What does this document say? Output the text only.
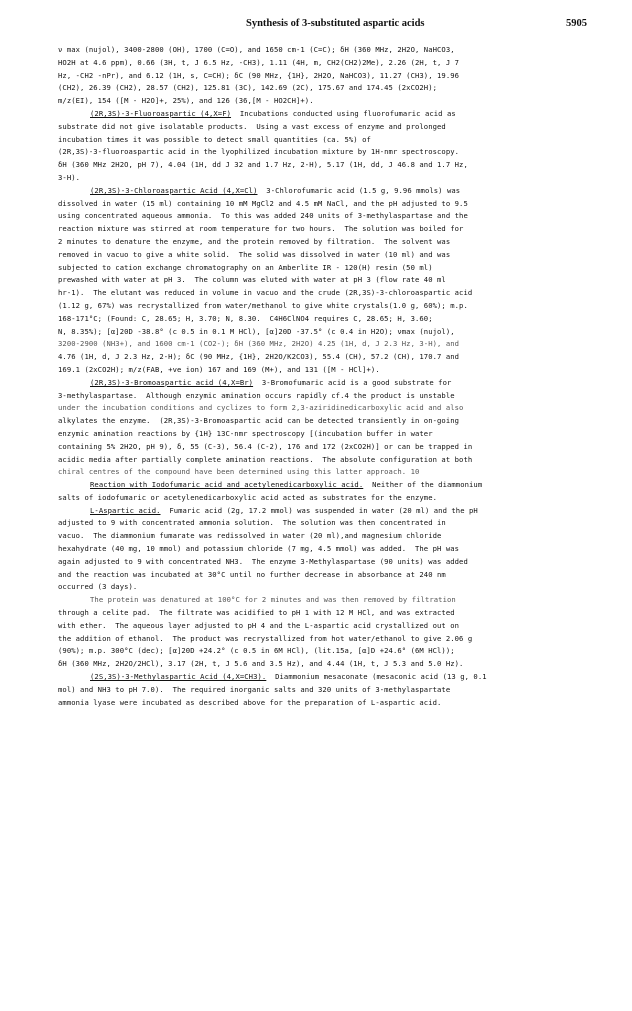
Synthesis of 3-substituted aspartic acids	5905
ν max (nujol), 3400-2800 (OH), 1700 (C=O), and 1650 cm-1 (C=C); δH (360 MHz, 2H2O, NaHCO3,
HO2H at 4.6 ppm), 0.66 (3H, t, J 6.5 Hz, -CH3), 1.11 (4H, m, CH2(CH2)2Me), 2.26 (2H, t, J 7
Hz, -CH2 -nPr), and 6.12 (1H, s, C=CH); δC (90 MHz, {1H}, 2H2O, NaHCO3), 11.27 (CH3), 19.96
(CH2), 26.39 (CH2), 28.57 (CH2), 125.81 (3C), 142.69 (2C), 175.67 and 174.45 (2xCO2H);
m/z(EI), 154 ([M - H2O]+, 25%), and 126 (36,[M - HO2CH]+).
(2R,3S)-3-Fluoroaspartic (4,X=F)  Incubations conducted using fluorofumaric acid as
substrate did not give isolatable products.  Using a vast excess of enzyme and prolonged
incubation times it was possible to detect small quantities (ca. 5%) of
(2R,3S)-3-fluoroaspartic acid in the lyophilized incubation mixture by 1H-nmr spectroscopy.
δH (360 MHz 2H2O, pH 7), 4.04 (1H, dd J 32 and 1.7 Hz, 2-H), 5.17 (1H, dd, J 46.8 and 1.7 Hz,
3-H).
(2R,3S)-3-Chloroaspartic Acid (4,X=Cl)  3-Chlorofumaric acid (1.5 g, 9.96 mmols) was
dissolved in water (15 ml) containing 10 mM MgCl2 and 4.5 mM NaCl, and the pH adjusted to 9.5
using concentrated aqueous ammonia.  To this was added 240 units of 3-methylaspartase and the
reaction mixture was stirred at room temperature for two hours.  The solution was boiled for
2 minutes to denature the enzyme, and the protein removed by filtration.  The solvent was
removed in vacuo to give a white solid.  The solid was dissolved in water (10 ml) and was
subjected to cation exchange chromatography on an Amberlite IR - 120(H) resin (50 ml)
prewashed with water at pH 3.  The column was eluted with water at pH 3 (flow rate 40 ml
hr-1).  The elutant was reduced in volume in vacuo and the crude (2R,3S)-3-chloroaspartic acid
(1.12 g, 67%) was recrystallized from water/methanol to give white crystals(1.0 g, 60%); m.p.
168-171°C; (Found: C, 28.65; H, 3.70; N, 8.30.  C4H6ClNO4 requires C, 28.65; H, 3.60;
N, 8.35%); [α]20D -38.8° (c 0.5 in 0.1 M HCl), [α]20D -37.5° (c 0.4 in H2O); νmax (nujol),
3200-2900 (NH3+), and 1600 cm-1 (CO2-); δH (360 MHz, 2H2O) 4.25 (1H, d, J 2.3 Hz, 3-H), and
4.76 (1H, d, J 2.3 Hz, 2-H); δC (90 MHz, {1H}, 2H2O/K2CO3), 55.4 (CH), 57.2 (CH), 170.7 and
169.1 (2xCO2H); m/z(FAB, +ve ion) 167 and 169 (M+), and 131 ([M - HCl]+).
(2R,3S)-3-Bromoaspartic acid (4,X=Br)  3-Bromofumaric acid is a good substrate for
3-methylaspartase.  Although enzymic amination occurs rapidly cf.4 the product is unstable
under the incubation conditions and cyclizes to form 2,3-aziridinedicarboxylic acid and also
alkylates the enzyme.  (2R,3S)-3-Bromoaspartic acid can be detected transiently in on-going
enzymic amination reactions by {1H} 13C-nmr spectroscopy [(incubation buffer in water
containing 5% 2H2O, pH 9), δ, 55 (C-3), 56.4 (C-2), 176 and 172 (2xCO2H)] or can be trapped in
acidic media after partially complete amination reactions.  The absolute configuration at both
chiral centres of the compound have been determined using this latter approach. 10
Reaction with Iodofumaric acid and acetylenedicarboxylic acid.  Neither of the diammonium
salts of iodofumaric or acetylenedicarboxylic acid acted as substrates for the enzyme.
L-Aspartic acid.  Fumaric acid (2g, 17.2 mmol) was suspended in water (20 ml) and the pH
adjusted to 9 with concentrated ammonia solution.  The solution was then concentrated in
vacuo.  The diammonium fumarate was redissolved in water (20 ml),and magnesium chloride
hexahydrate (40 mg, 10 mmol) and potassium chloride (7 mg, 4.5 mmol) was added.  The pH was
again adjusted to 9 with concentrated NH3.  The enzyme 3-Methylaspartase (90 units) was added
and the reaction was incubated at 30°C until no further decrease in absorbance at 240 nm
occurred (3 days).
The protein was denatured at 100°C for 2 minutes and was then removed by filtration
through a celite pad.  The filtrate was acidified to pH 1 with 12 M HCl, and was extracted
with ether.  The aqueous layer adjusted to pH 4 and the L-aspartic acid crystallized out on
the addition of ethanol.  The product was recrystallized from hot water/ethanol to give 2.06 g
(90%); m.p. 300°C (dec); [α]20D +24.2° (c 0.5 in 6M HCl), (lit.15a, [α]D +24.6° (6M HCl));
δH (360 MHz, 2H2O/2HCl), 3.17 (2H, t, J 5.6 and 3.5 Hz), and 4.44 (1H, t, J 5.3 and 5.0 Hz).
(2S,3S)-3-Methylaspartic Acid (4,X=CH3).  Diammonium mesaconate (mesaconic acid (13 g, 0.1
mol) and NH3 to pH 7.0).  The required inorganic salts and 320 units of 3-methylaspartate
ammonia lyase were incubated as described above for the preparation of L-aspartic acid.
